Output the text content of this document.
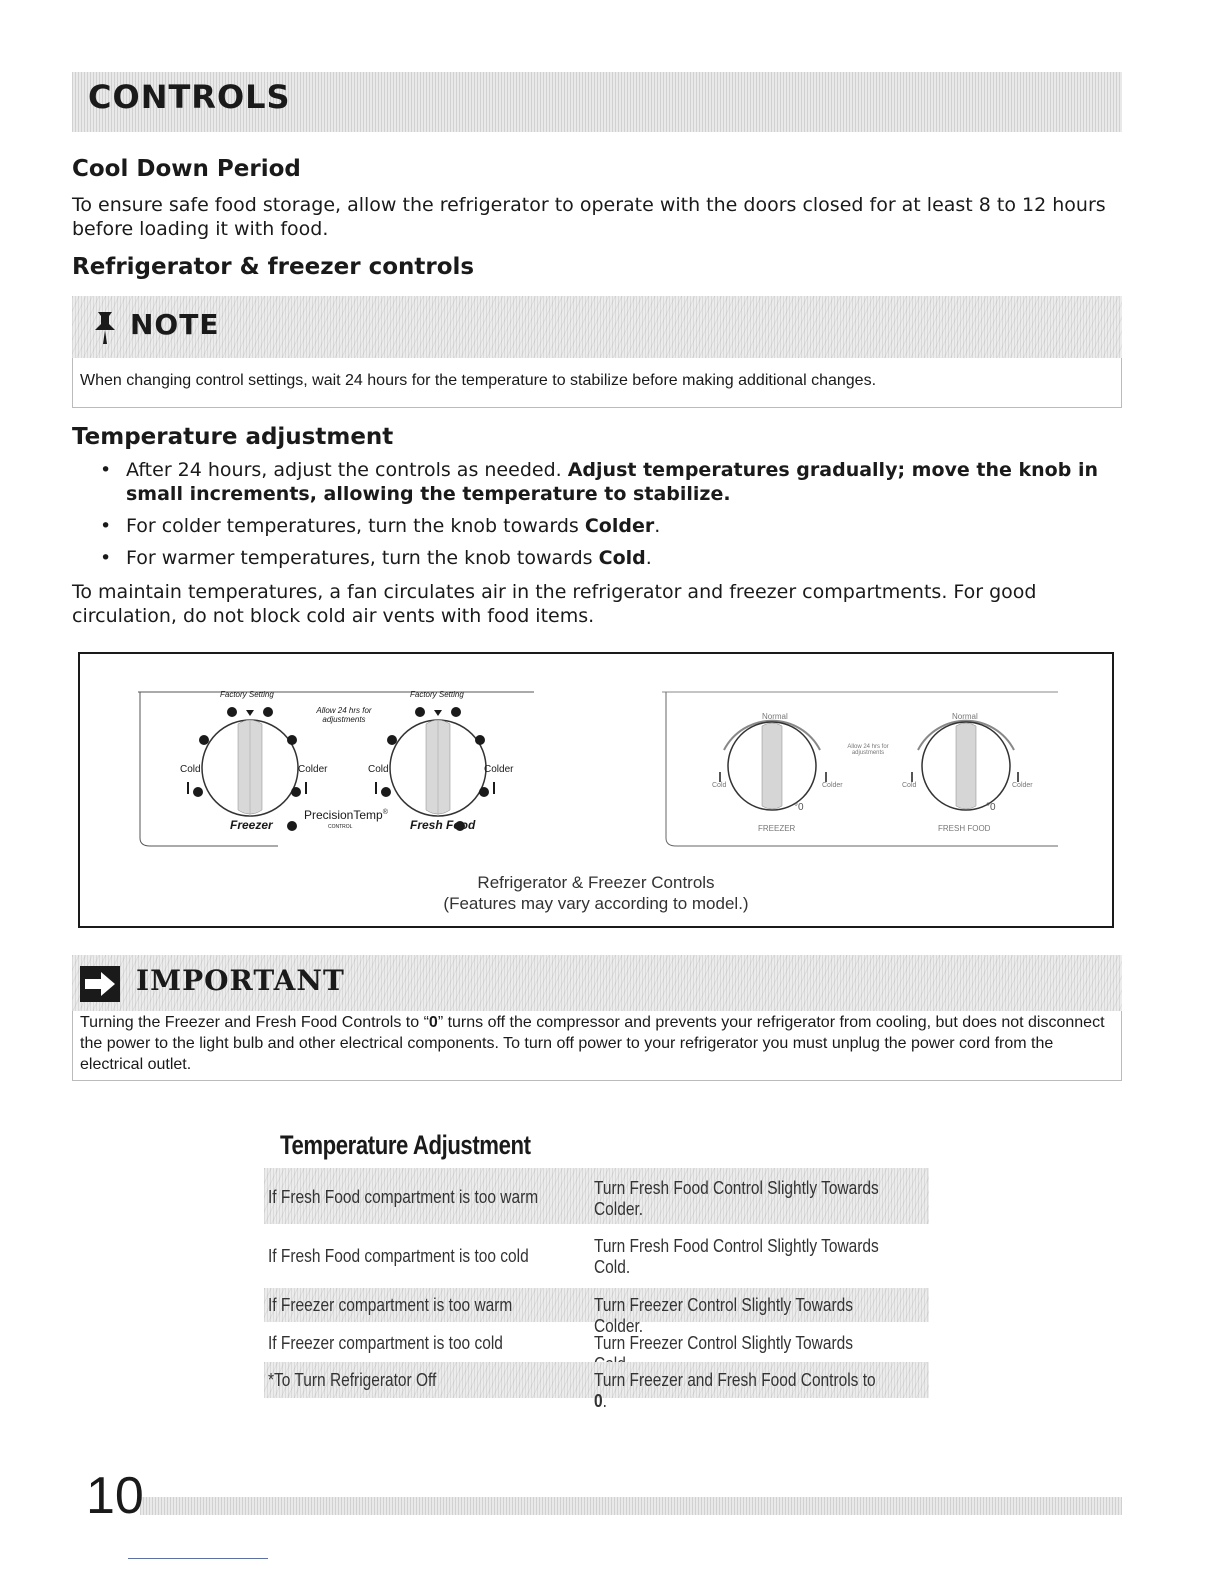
CONTROLS
Cool Down Period
To ensure safe food storage, allow the refrigerator to operate with the doors closed for at least 8 to 12 hours before loading it with food.
Refrigerator & freezer controls
NOTE
When changing control settings, wait 24 hours for the temperature to stabilize before making additional changes.
Temperature adjustment
• After 24 hours, adjust the controls as needed. Adjust temperatures gradually; move the knob in small increments, allowing the temperature to stabilize.
• For colder temperatures, turn the knob towards Colder.
• For warmer temperatures, turn the knob towards Cold.
To maintain temperatures, a fan circulates air in the refrigerator and freezer compartments. For good circulation, do not block cold air vents with food items.
Factory Setting	Factory Setting
Allow 24 hrs for
adjustments
Cold	Colder	Cold	Colder
Freezer	Fresh Food
PrecisionTemp®
CONTROL
Normal	Normal
Allow 24 hrs for
adjustments
Cold	Colder	Cold	Colder
°0	°0
FREEZER	FRESH FOOD
Refrigerator & Freezer Controls
(Features may vary according to model.)
IMPORTANT
Turning the Freezer and Fresh Food Controls to “0” turns off the compressor and prevents your refrigerator from cooling, but does not disconnect the power to the light bulb and other electrical components. To turn off power to your refrigerator you must unplug the power cord from the electrical outlet.
Temperature Adjustment
If Fresh Food compartment is too warm	Turn Fresh Food Control Slightly Towards
Colder.
If Fresh Food compartment is too cold	Turn Fresh Food Control Slightly Towards
Cold.
If Freezer compartment is too warm	Turn Freezer Control Slightly Towards Colder.
If Freezer compartment is too cold	Turn Freezer Control Slightly Towards
*To Turn Refrigerator Off	Turn Freezer and Fresh Food Controls to 0.
10
